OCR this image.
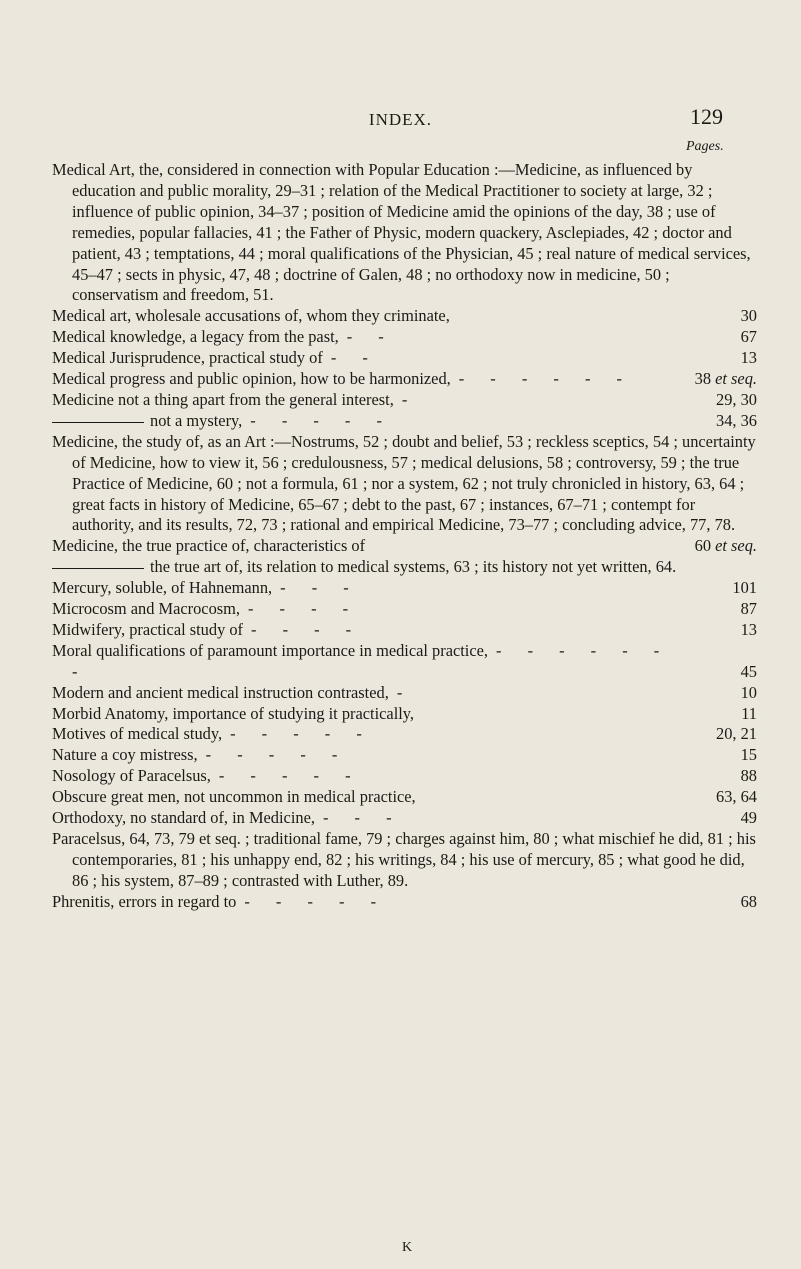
INDEX.	129
Pages.
Medical Art, the, considered in connection with Popular Education :—Medicine, as influenced by education and public morality, 29–31 ; relation of the Medical Practitioner to society at large, 32 ; influence of public opinion, 34–37 ; position of Medicine amid the opinions of the day, 38 ; use of remedies, popular fallacies, 41 ; the Father of Physic, modern quackery, Asclepiades, 42 ; doctor and patient, 43 ; temptations, 44 ; moral qualifications of the Physician, 45 ; real nature of medical services, 45–47 ; sects in physic, 47, 48 ; doctrine of Galen, 48 ; no orthodoxy now in medicine, 50 ; conservatism and freedom, 51.
Medical art, wholesale accusations of, whom they criminate,	30
Medical knowledge, a legacy from the past, - -	67
Medical Jurisprudence, practical study of - -	13
Medical progress and public opinion, how to be harmonized, - - - - - -	38 et seq.
Medicine not a thing apart from the general interest, -	29, 30
not a mystery, - - - - -	34, 36
Medicine, the study of, as an Art :—Nostrums, 52 ; doubt and belief, 53 ; reckless sceptics, 54 ; uncertainty of Medicine, how to view it, 56 ; credulousness, 57 ; medical delusions, 58 ; controversy, 59 ; the true Practice of Medicine, 60 ; not a formula, 61 ; nor a system, 62 ; not truly chronicled in history, 63, 64 ; great facts in history of Medicine, 65–67 ; debt to the past, 67 ; instances, 67–71 ; contempt for authority, and its results, 72, 73 ; rational and empirical Medicine, 73–77 ; concluding advice, 77, 78.
Medicine, the true practice of, characteristics of	60 et seq.
the true art of, its relation to medical systems, 63 ; its history not yet written, 64.
Mercury, soluble, of Hahnemann, - - -	101
Microcosm and Macrocosm, - - - -	87
Midwifery, practical study of - - - -	13
Moral qualifications of paramount importance in medical practice, - - - - - - -	45
Modern and ancient medical instruction contrasted, -	10
Morbid Anatomy, importance of studying it practically,	11
Motives of medical study, - - - - -	20, 21
Nature a coy mistress, - - - - -	15
Nosology of Paracelsus, - - - - -	88
Obscure great men, not uncommon in medical practice,	63, 64
Orthodoxy, no standard of, in Medicine, - - -	49
Paracelsus, 64, 73, 79 et seq. ; traditional fame, 79 ; charges against him, 80 ; what mischief he did, 81 ; his contemporaries, 81 ; his unhappy end, 82 ; his writings, 84 ; his use of mercury, 85 ; what good he did, 86 ; his system, 87–89 ; contrasted with Luther, 89.
Phrenitis, errors in regard to - - - - -	68
K
